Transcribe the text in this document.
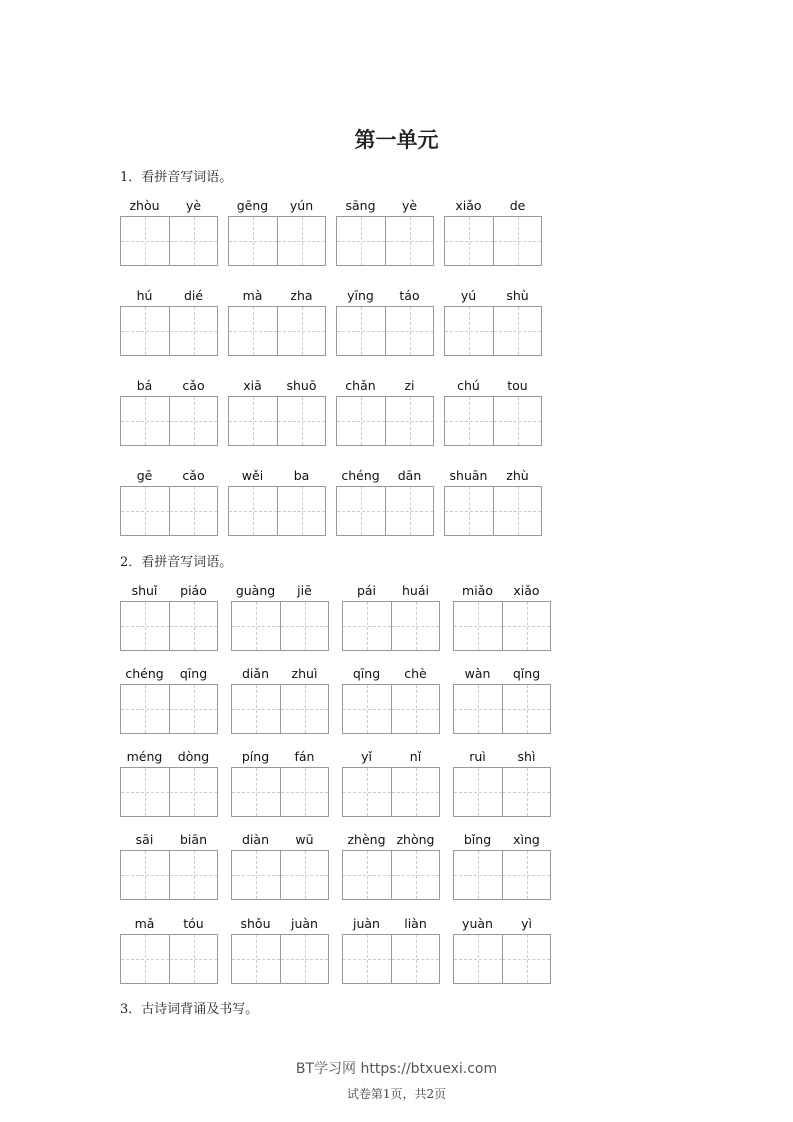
第一单元
1．看拼音写词语。
zhòu	yè	gēng	yún	sāng	yè	xiǎo	de
hú	dié	mà	zha	yīng	táo	yú	shù
bá	cǎo	xiā	shuō	chǎn	zi	chú	tou
gē	cǎo	wěi	ba	chéng	dān	shuān	zhù
2．看拼音写词语。
shuǐ	piáo	guàng	jiē	pái	huái	miǎo	xiǎo
chéng	qīng	diǎn	zhuì	qīng	chè	wàn	qǐng
méng	dòng	píng	fán	yǐ	nǐ	ruì	shì
sāi	biān	diàn	wū	zhèng zhòng	bǐng	xìng
mǎ	tóu	shǒu	juàn	juàn	liàn	yuàn	yì
3．古诗词背诵及书写。
BT学习网 https://btxuexi.com
试卷第1页，共2页
